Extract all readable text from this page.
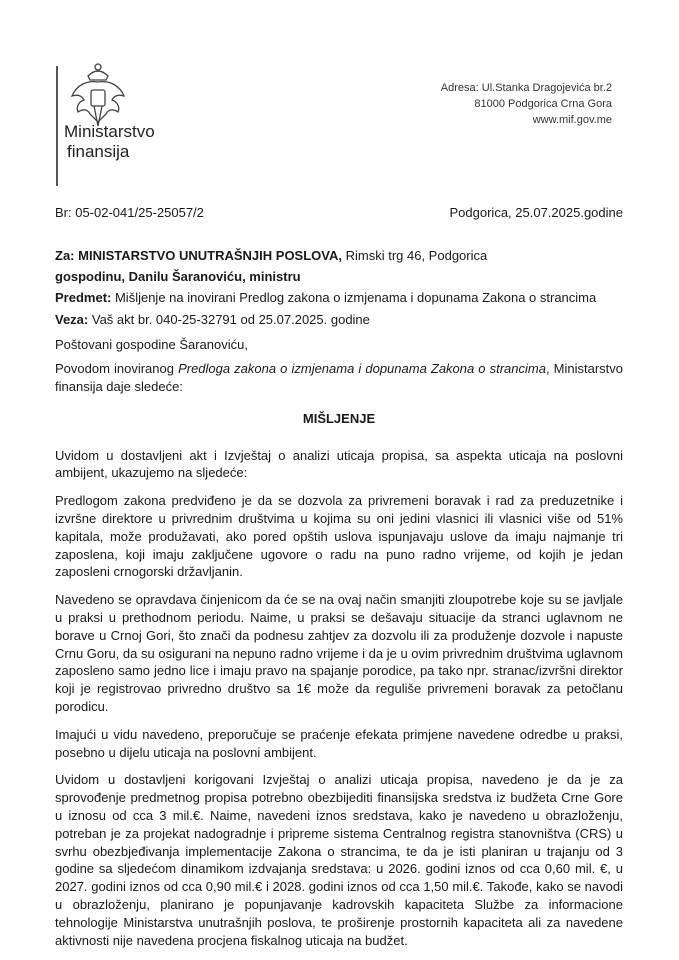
Ministarstvo
finansija
Adresa: Ul.Stanka Dragojevića br.2
81000 Podgorica Crna Gora
www.mif.gov.me
Br: 05-02-041/25-25057/2	Podgorica, 25.07.2025.godine
Za: MINISTARSTVO UNUTRAŠNJIH POSLOVA, Rimski trg 46, Podgorica
gospodinu, Danilu Šaranoviću, ministru
Predmet: Mišljenje na inovirani Predlog zakona o izmjenama i dopunama Zakona o strancima
Veza: Vaš akt br. 040-25-32791 od 25.07.2025. godine
Poštovani gospodine Šaranoviću,
Povodom inoviranog Predloga zakona o izmjenama i dopunama Zakona o strancima, Ministarstvo finansija daje sledeće:
MIŠLJENJE
Uvidom u dostavljeni akt i Izvještaj o analizi uticaja propisa, sa aspekta uticaja na poslovni ambijent, ukazujemo na sljedeće:
Predlogom zakona predviđeno je da se dozvola za privremeni boravak i rad za preduzetnike i izvršne direktore u privrednim društvima u kojima su oni jedini vlasnici ili vlasnici više od 51% kapitala, može produžavati, ako pored opštih uslova ispunjavaju uslove da imaju najmanje tri zaposlena, koji imaju zaključene ugovore o radu na puno radno vrijeme, od kojih je jedan zaposleni crnogorski državljanin.
Navedeno se opravdava činjenicom da će se na ovaj način smanjiti zloupotrebe koje su se javljale u praksi u prethodnom periodu. Naime, u praksi se dešavaju situacije da stranci uglavnom ne borave u Crnoj Gori, što znači da podnesu zahtjev za dozvolu ili za produženje dozvole i napuste Crnu Goru, da su osigurani na nepuno radno vrijeme i da je u ovim privrednim društvima uglavnom zaposleno samo jedno lice i imaju pravo na spajanje porodice, pa tako npr. stranac/izvršni direktor koji je registrovao privredno društvo sa 1€ može da reguliše privremeni boravak za petočlanu porodicu.
Imajući u vidu navedeno, preporučuje se praćenje efekata primjene navedene odredbe u praksi, posebno u dijelu uticaja na poslovni ambijent.
Uvidom u dostavljeni korigovani Izvještaj o analizi uticaja propisa, navedeno je da je za sprovođenje predmetnog propisa potrebno obezbijediti finansijska sredstva iz budžeta Crne Gore u iznosu od cca 3 mil.€. Naime, navedeni iznos sredstava, kako je navedeno u obrazloženju, potreban je za projekat nadogradnje i pripreme sistema Centralnog registra stanovništva (CRS) u svrhu obezbjeđivanja implementacije Zakona o strancima, te da je isti planiran u trajanju od 3 godine sa sljedećom dinamikom izdvajanja sredstava: u 2026. godini iznos od cca 0,60 mil. €, u 2027. godini iznos od cca 0,90 mil.€ i 2028. godini iznos od cca 1,50 mil.€. Takođe, kako se navodi u obrazloženju, planirano je popunjavanje kadrovskih kapaciteta Službe za informacione tehnologije Ministarstva unutrašnjih poslova, te proširenje prostornih kapaciteta ali za navedene aktivnosti nije navedena procjena fiskalnog uticaja na budžet.
